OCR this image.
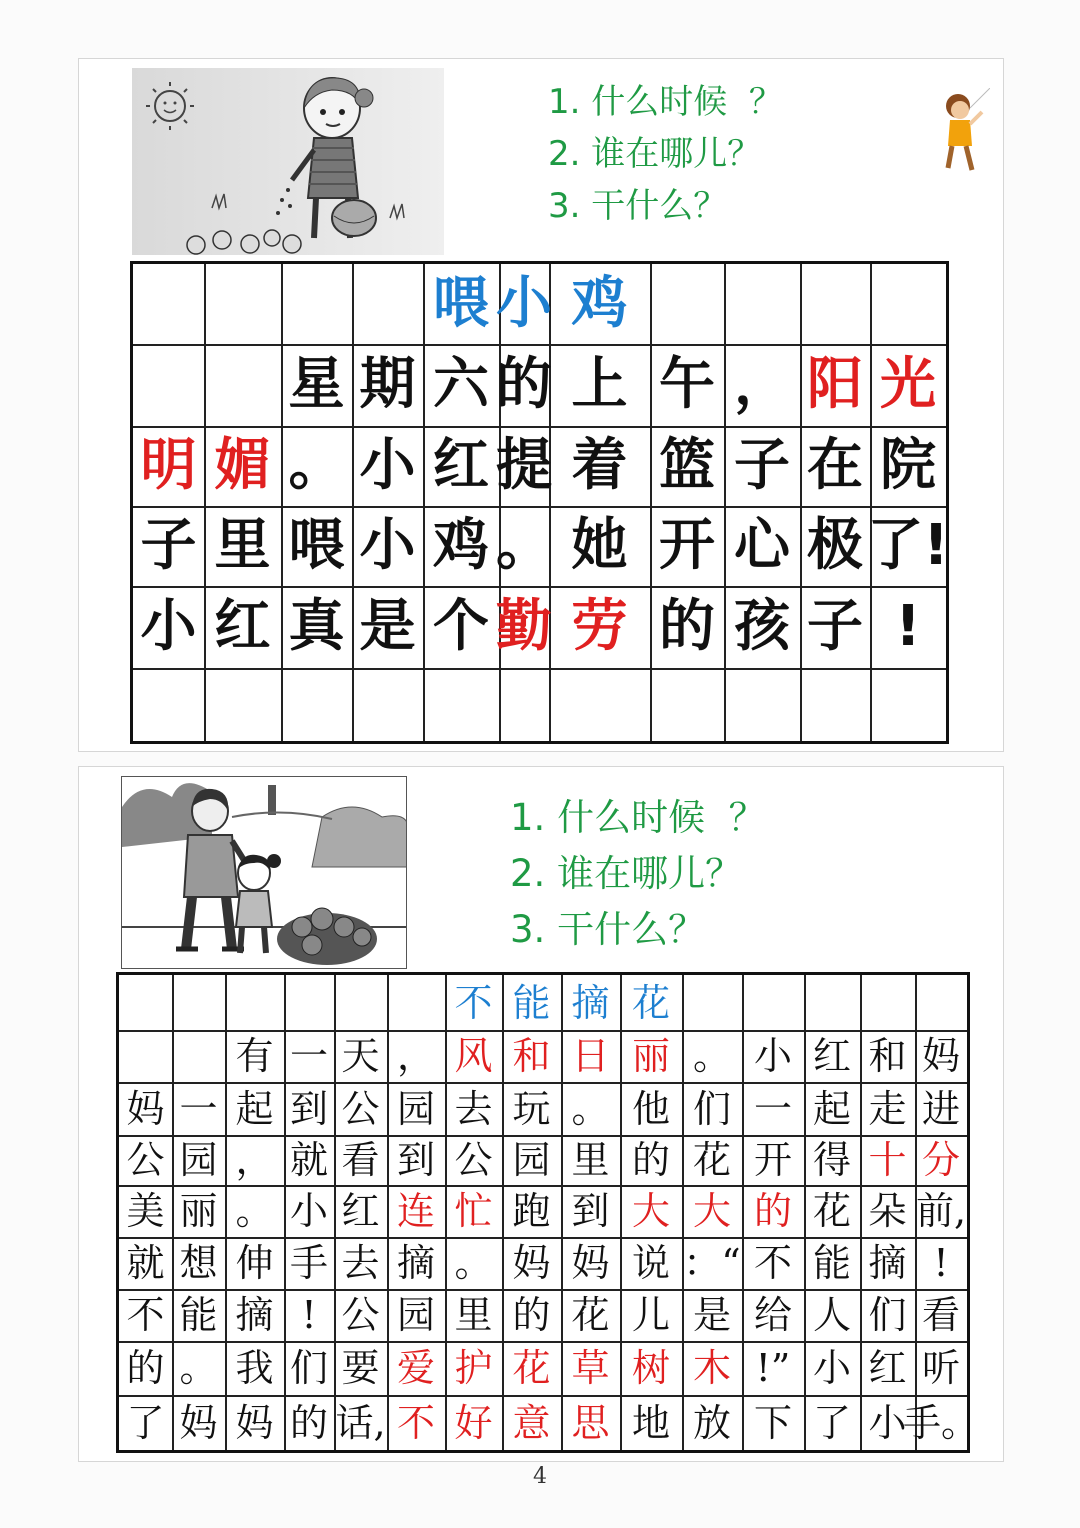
1. 什么时候  ？
2. 谁在哪儿？
3. 干什么？
喂 小 鸡
星 期 六 的 上 午 ， 阳 光
明 媚 。 小 红 提 着 篮 子 在 院
子 里 喂 小 鸡 。 她 开 心 极 了!
小 红 真 是 个 勤 劳 的 孩 子 !
1. 什么时候  ？
2. 谁在哪儿？
3. 干什么？
不 能 摘 花
有 一 天 ， 风 和 日 丽 。 小 红 和 妈
妈 一 起 到 公 园 去 玩 。 他 们 一 起 走 进
公 园 ， 就 看 到 公 园 里 的 花 开 得 十 分
美 丽 。 小 红 连 忙 跑 到 大 大 的 花 朵 前,
就 想 伸 手 去 摘 。 妈 妈 说 ：“ 不 能 摘 !
不 能 摘 ! 公 园 里 的 花 儿 是 给 人 们 看
的 。 我 们 要 爱 护 花 草 树 木 !” 小 红 听
了 妈 妈 的 话, 不 好 意 思 地 放 下 了 小
手。
4
